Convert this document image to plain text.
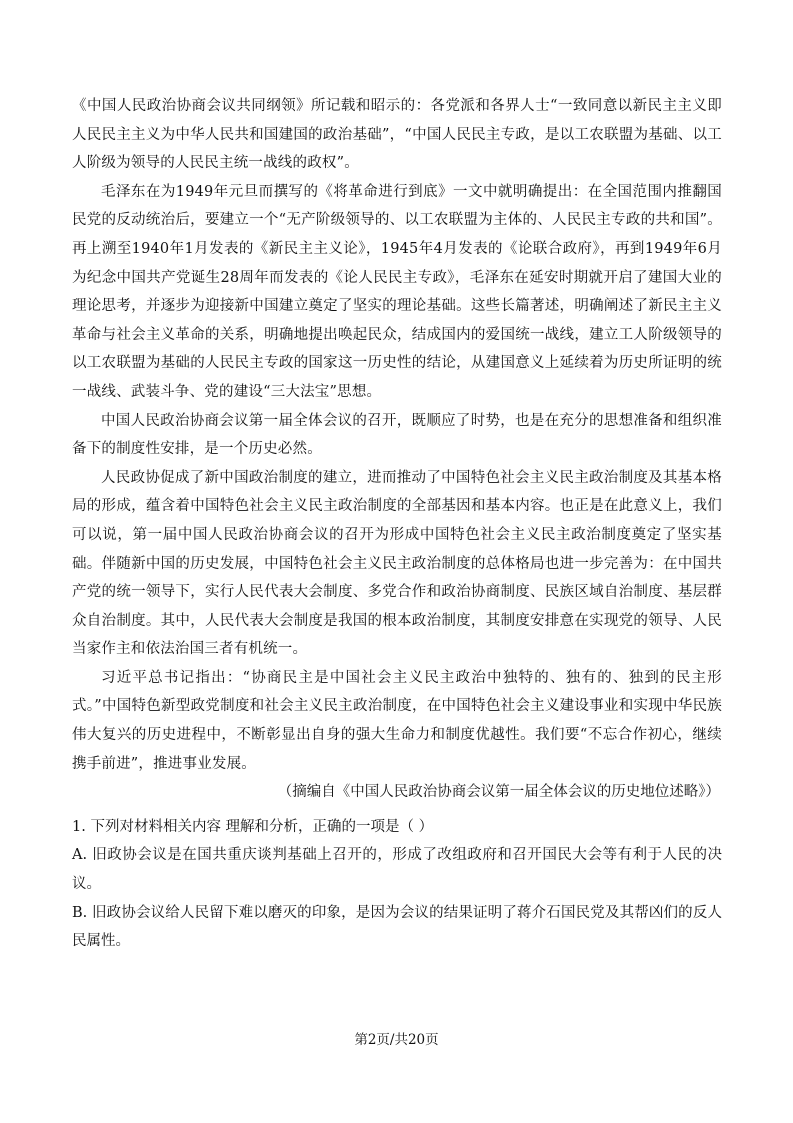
《中国人民政治协商会议共同纲领》所记载和昭示的：各党派和各界人士“一致同意以新民主主义即人民民主主义为中华人民共和国建国的政治基础”，“中国人民民主专政，是以工农联盟为基础、以工人阶级为领导的人民民主统一战线的政权”。

毛泽东在为1949年元旦而撰写的《将革命进行到底》一文中就明确提出：在全国范围内推翻国民党的反动统治后，要建立一个“无产阶级领导的、以工农联盟为主体的、人民民主专政的共和国”。再上溯至1940年1月发表的《新民主主义论》，1945年4月发表的《论联合政府》，再到1949年6月为纪念中国共产党诞生28周年而发表的《论人民民主专政》，毛泽东在延安时期就开启了建国大业的理论思考，并逐步为迎接新中国建立奠定了坚实的理论基础。这些长篇著述，明确阐述了新民主主义革命与社会主义革命的关系，明确地提出唤起民众，结成国内的爱国统一战线，建立工人阶级领导的以工农联盟为基础的人民民主专政的国家这一历史性的结论，从建国意义上延续着为历史所证明的统一战线、武装斗争、党的建设“三大法宝”思想。

中国人民政治协商会议第一届全体会议的召开，既顺应了时势，也是在充分的思想准备和组织准备下的制度性安排，是一个历史必然。

人民政协促成了新中国政治制度的建立，进而推动了中国特色社会主义民主政治制度及其基本格局的形成，蕴含着中国特色社会主义民主政治制度的全部基因和基本内容。也正是在此意义上，我们可以说，第一届中国人民政治协商会议的召开为形成中国特色社会主义民主政治制度奠定了坚实基础。伴随新中国的历史发展，中国特色社会主义民主政治制度的总体格局也进一步完善为：在中国共产党的统一领导下，实行人民代表大会制度、多党合作和政治协商制度、民族区域自治制度、基层群众自治制度。其中，人民代表大会制度是我国的根本政治制度，其制度安排意在实现党的领导、人民当家作主和依法治国三者有机统一。

习近平总书记指出：“协商民主是中国社会主义民主政治中独特的、独有的、独到的民主形式。”中国特色新型政党制度和社会主义民主政治制度，在中国特色社会主义建设事业和实现中华民族伟大复兴的历史进程中，不断彰显出自身的强大生命力和制度优越性。我们要“不忘合作初心，继续携手前进”，推进事业发展。

（摘编自《中国人民政治协商会议第一届全体会议的历史地位述略》）

1. 下列对材料相关内容 理解和分析，正确的一项是（ ）

A. 旧政协会议是在国共重庆谈判基础上召开的，形成了改组政府和召开国民大会等有利于人民的决议。

B. 旧政协会议给人民留下难以磨灭的印象，是因为会议的结果证明了蒋介石国民党及其帮凶们的反人民属性。

第2页/共20页
